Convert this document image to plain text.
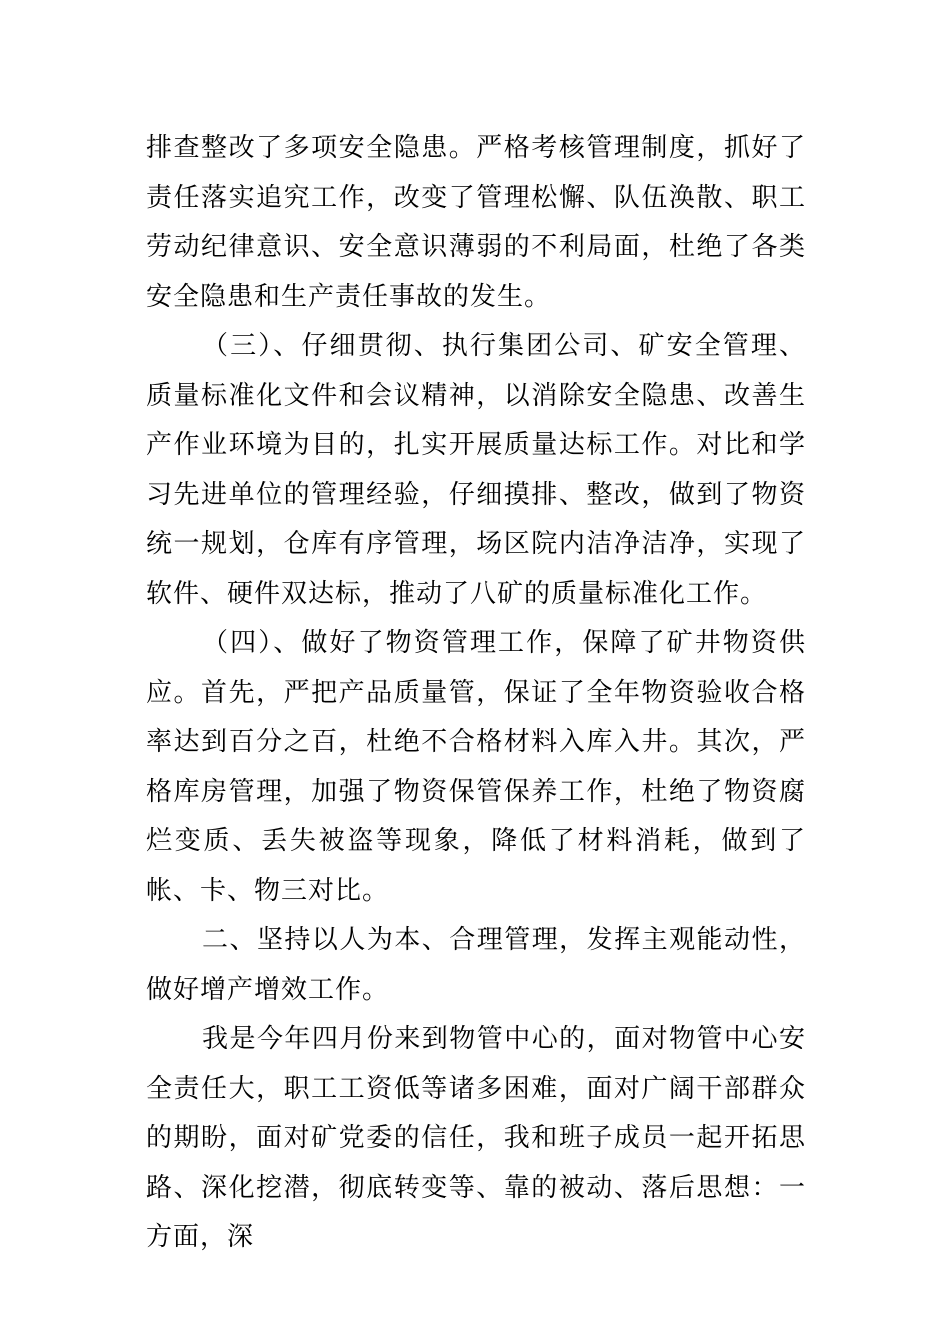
排查整改了多项安全隐患。严格考核管理制度，抓好了责任落实追究工作，改变了管理松懈、队伍涣散、职工劳动纪律意识、安全意识薄弱的不利局面，杜绝了各类安全隐患和生产责任事故的发生。

（三）、仔细贯彻、执行集团公司、矿安全管理、质量标准化文件和会议精神，以消除安全隐患、改善生产作业环境为目的，扎实开展质量达标工作。对比和学习先进单位的管理经验，仔细摸排、整改，做到了物资统一规划，仓库有序管理，场区院内洁净洁净，实现了软件、硬件双达标，推动了八矿的质量标准化工作。

（四）、做好了物资管理工作，保障了矿井物资供应。首先，严把产品质量管，保证了全年物资验收合格率达到百分之百，杜绝不合格材料入库入井。其次，严格库房管理，加强了物资保管保养工作，杜绝了物资腐烂变质、丢失被盗等现象，降低了材料消耗，做到了帐、卡、物三对比。

二、坚持以人为本、合理管理，发挥主观能动性，做好增产增效工作。

我是今年四月份来到物管中心的，面对物管中心安全责任大，职工工资低等诸多困难，面对广阔干部群众的期盼，面对矿党委的信任，我和班子成员一起开拓思路、深化挖潜，彻底转变等、靠的被动、落后思想：一方面，深
